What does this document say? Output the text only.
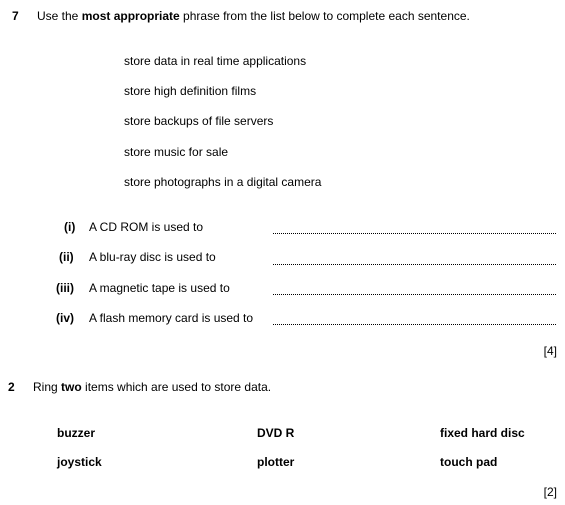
7 Use the most appropriate phrase from the list below to complete each sentence.
store data in real time applications
store high definition films
store backups of file servers
store music for sale
store photographs in a digital camera
(i) A CD ROM is used to
(ii) A blu-ray disc is used to
(iii) A magnetic tape is used to
(iv) A flash memory card is used to
[4]
2 Ring two items which are used to store data.
buzzer	DVD R	fixed hard disc
joystick	plotter	touch pad
[2]
